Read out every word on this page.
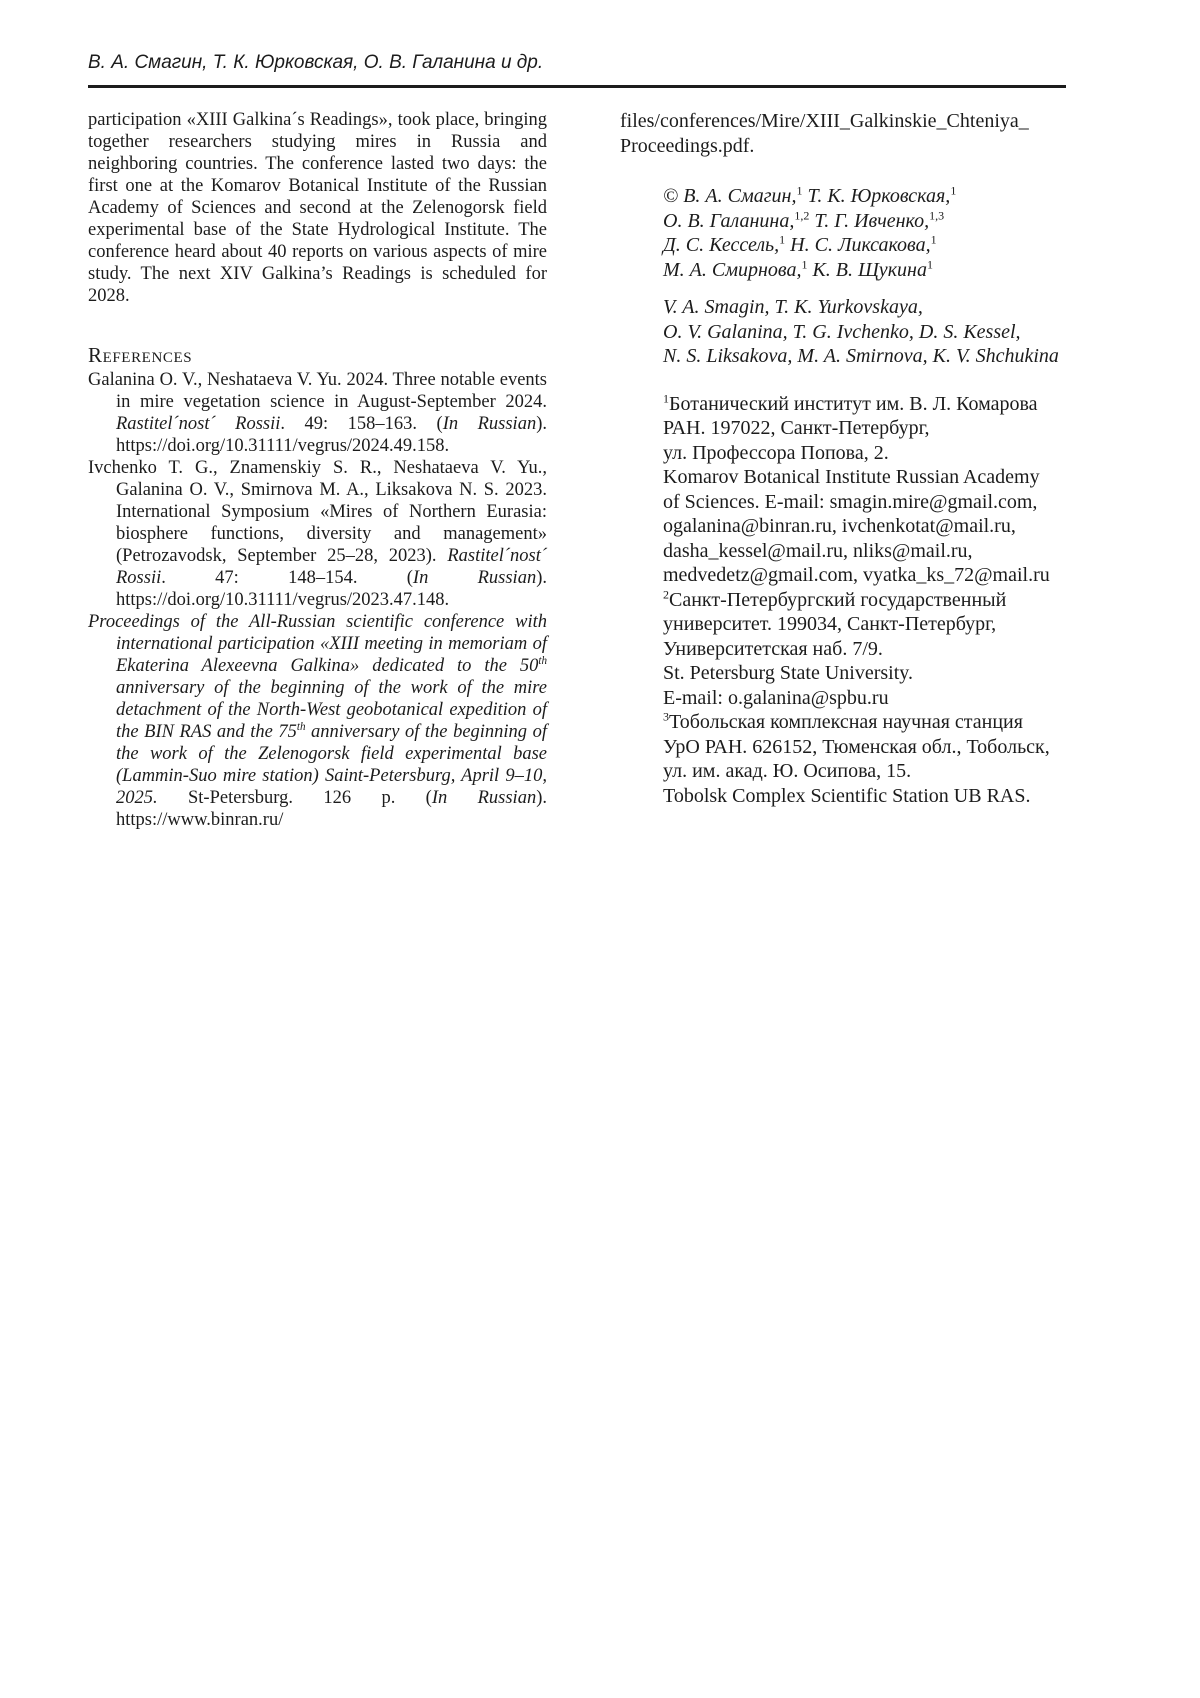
В. А. Смагин, Т. К. Юрковская, О. В. Галанина и др.

participation «XIII Galkina´s Readings», took place, bringing together researchers studying mires in Russia and neighboring countries. The conference lasted two days: the first one at the Komarov Botanical Institute of the Russian Academy of Sciences and second at the Zelenogorsk field experimental base of the State Hydrological Institute. The conference heard about 40 reports on various aspects of mire study. The next XIV Galkina’s Readings is scheduled for 2028.

References

Galanina O. V., Neshataeva V. Yu. 2024. Three notable events in mire vegetation science in August-September 2024. Rastitel´nost´ Rossii. 49: 158–163. (In Russian). https://doi.org/10.31111/vegrus/2024.49.158.

Ivchenko T. G., Znamenskiy S. R., Neshataeva V. Yu., Galanina O. V., Smirnova M. A., Liksakova N. S. 2023. International Symposium «Mires of Northern Eurasia: biosphere functions, diversity and management» (Petrozavodsk, September 25–28, 2023). Rastitel´nost´ Rossii. 47: 148–154. (In Russian). https://doi.org/10.31111/vegrus/2023.47.148.

Proceedings of the All-Russian scientific conference with international participation «XIII meeting in memoriam of Ekaterina Alexeevna Galkina» dedicated to the 50th anniversary of the beginning of the work of the mire detachment of the North-West geobotanical expedition of the BIN RAS and the 75th anniversary of the beginning of the work of the Zelenogorsk field experimental base (Lammin-Suo mire station) Saint-Petersburg, April 9–10, 2025. St-Petersburg. 126 p. (In Russian). https://www.binran.ru/

files/conferences/Mire/XIII_Galkinskie_Chteniya_
Proceedings.pdf.
© В. А. Смагин,$^1$ Т. К. Юрковская,$^1$
О. В. Галанина,$^{1,2}$ Т. Г. Ивченко,$^{1,3}$
Д. С. Кессель,$^1$ Н. С. Ликсакова,$^1$
М. А. Смирнова,$^1$ К. В. Щукина$^1$
V. A. Smagin, T. K. Yurkovskaya,
O. V. Galanina, T. G. Ivchenko, D. S. Kessel,
N. S. Liksakova, M. A. Smirnova, K. V. Shchukina
$^1$Ботанический институт им. В. Л. Комарова
РАН. 197022, Санкт-Петербург,
ул. Профессора Попова, 2.
Komarov Botanical Institute Russian Academy
of Sciences. E-mail: smagin.mire@gmail.com,
ogalanina@binran.ru, ivchenkotat@mail.ru,
dasha_kessel@mail.ru, nliks@mail.ru,
medvedetz@gmail.com, vyatka_ks_72@mail.ru
$^2$Санкт-Петербургский государственный
университет. 199034, Санкт-Петербург,
Университетская наб. 7/9.
St. Petersburg State University.
E-mail: o.galanina@spbu.ru
$^3$Тобольская комплексная научная станция
УрО РАН. 626152, Тюменская обл., Тобольск,
ул. им. акад. Ю. Осипова, 15.
Tobolsk Complex Scientific Station UB RAS.
